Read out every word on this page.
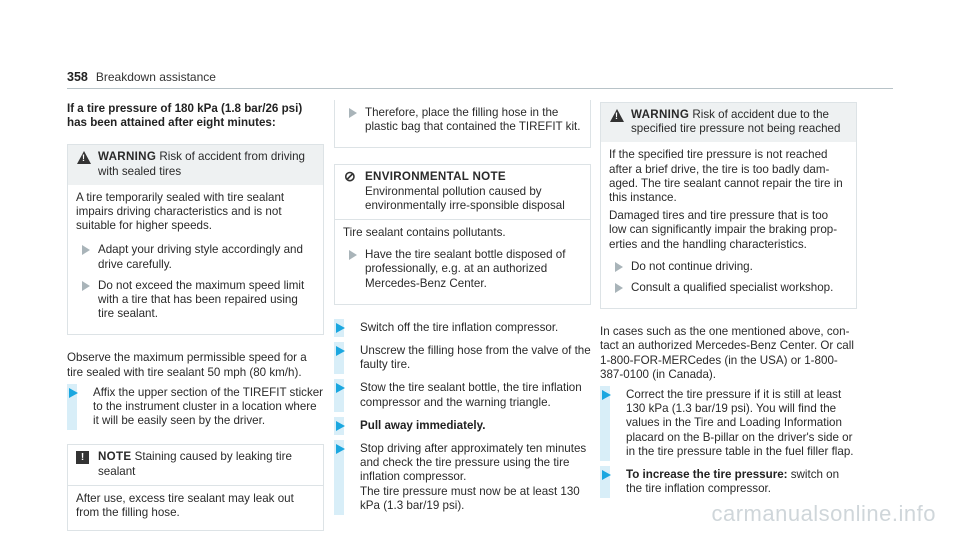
358 Breakdown assistance

If a tire pressure of 180 kPa (1.8 bar/26 psi) has been attained after eight minutes:

!
WARNING Risk of accident from driving with sealed tires

A tire temporarily sealed with tire sealant impairs driving characteristics and is not suitable for higher speeds.

Adapt your driving style accordingly and drive carefully.
Do not exceed the maximum speed limit with a tire that has been repaired using tire sealant.

Observe the maximum permissible speed for a tire sealed with tire sealant 50 mph (80 km/h).

Affix the upper section of the TIREFIT sticker to the instrument cluster in a location where it will be easily seen by the driver.
!	NOTE Staining caused by leaking tire sealant

After use, excess tire sealant may leak out from the filling hose.

Therefore, place the filling hose in the plastic bag that contained the TIREFIT kit.
⊘ ENVIRONMENTAL NOTE Environmental pollution caused by environmentally irre-sponsible disposal

Tire sealant contains pollutants.

Have the tire sealant bottle disposed of professionally, e.g. at an authorized Mercedes-Benz Center.
Switch off the tire inflation compressor.
Unscrew the filling hose from the valve of the faulty tire.
Stow the tire sealant bottle, the tire inflation compressor and the warning triangle.
Pull away immediately.
Stop driving after approximately ten minutes and check the tire pressure using the tire inflation compressor.
The tire pressure must now be at least 130 kPa (1.3 bar/19 psi).
!
WARNING Risk of accident due to the specified tire pressure not being reached

If the specified tire pressure is not reached after a brief drive, the tire is too badly dam-aged. The tire sealant cannot repair the tire in this instance.

Damaged tires and tire pressure that is too low can significantly impair the braking prop-erties and the handling characteristics.

Do not continue driving.
Consult a qualified specialist workshop.

In cases such as the one mentioned above, con-tact an authorized Mercedes-Benz Center. Or call 1-800-FOR-MERCedes (in the USA) or 1-800-387-0100 (in Canada).

Correct the tire pressure if it is still at least 130 kPa (1.3 bar/19 psi). You will find the values in the Tire and Loading Information placard on the B-pillar on the driver's side or in the tire pressure table in the fuel filler flap.
To increase the tire pressure: switch on the tire inflation compressor.
carmanualsonline.info
